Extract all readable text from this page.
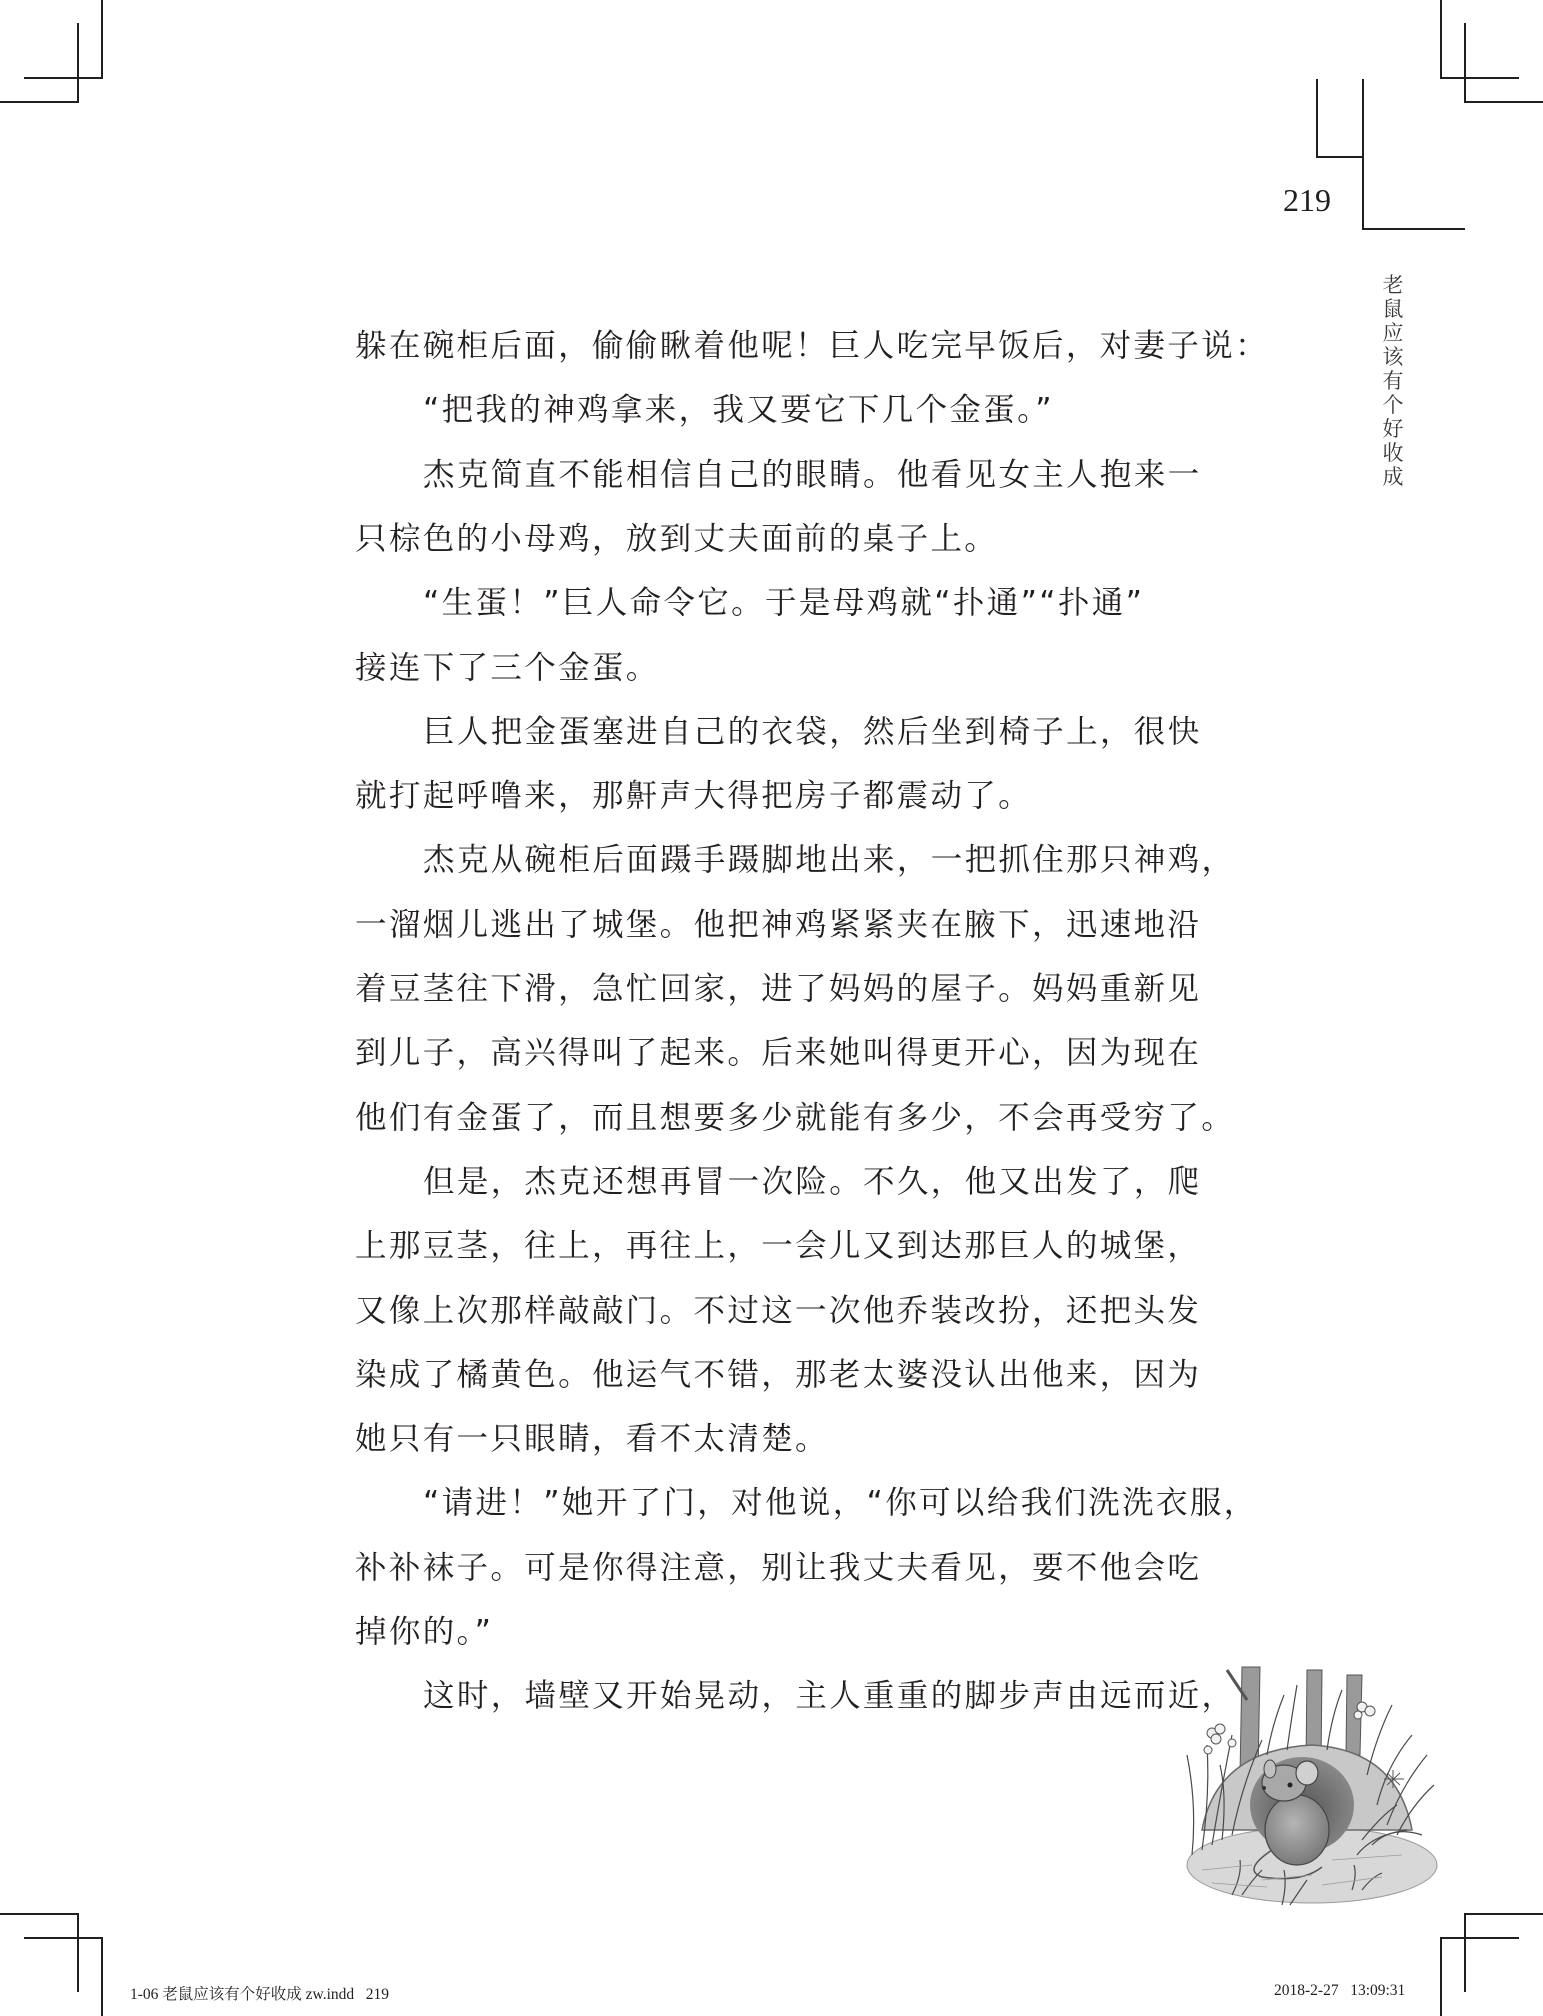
219
老
鼠
应
该
有
个
好
收
成
躲在碗柜后面，偷偷瞅着他呢！巨人吃完早饭后，对妻子说：
“把我的神鸡拿来，我又要它下几个金蛋。”
杰克简直不能相信自己的眼睛。他看见女主人抱来一
只棕色的小母鸡，放到丈夫面前的桌子上。
“生蛋！”巨人命令它。于是母鸡就“扑通”“扑通”
接连下了三个金蛋。
巨人把金蛋塞进自己的衣袋，然后坐到椅子上，很快
就打起呼噜来，那鼾声大得把房子都震动了。
杰克从碗柜后面蹑手蹑脚地出来，一把抓住那只神鸡，
一溜烟儿逃出了城堡。他把神鸡紧紧夹在腋下，迅速地沿
着豆茎往下滑，急忙回家，进了妈妈的屋子。妈妈重新见
到儿子，高兴得叫了起来。后来她叫得更开心，因为现在
他们有金蛋了，而且想要多少就能有多少，不会再受穷了。
但是，杰克还想再冒一次险。不久，他又出发了，爬
上那豆茎，往上，再往上，一会儿又到达那巨人的城堡，
又像上次那样敲敲门。不过这一次他乔装改扮，还把头发
染成了橘黄色。他运气不错，那老太婆没认出他来，因为
她只有一只眼睛，看不太清楚。
“请进！”她开了门，对他说，“你可以给我们洗洗衣服，
补补袜子。可是你得注意，别让我丈夫看见，要不他会吃
掉你的。”
这时，墙壁又开始晃动，主人重重的脚步声由远而近，
1-06 老鼠应该有个好收成 zw.indd   219	2018-2-27   13:09:31
